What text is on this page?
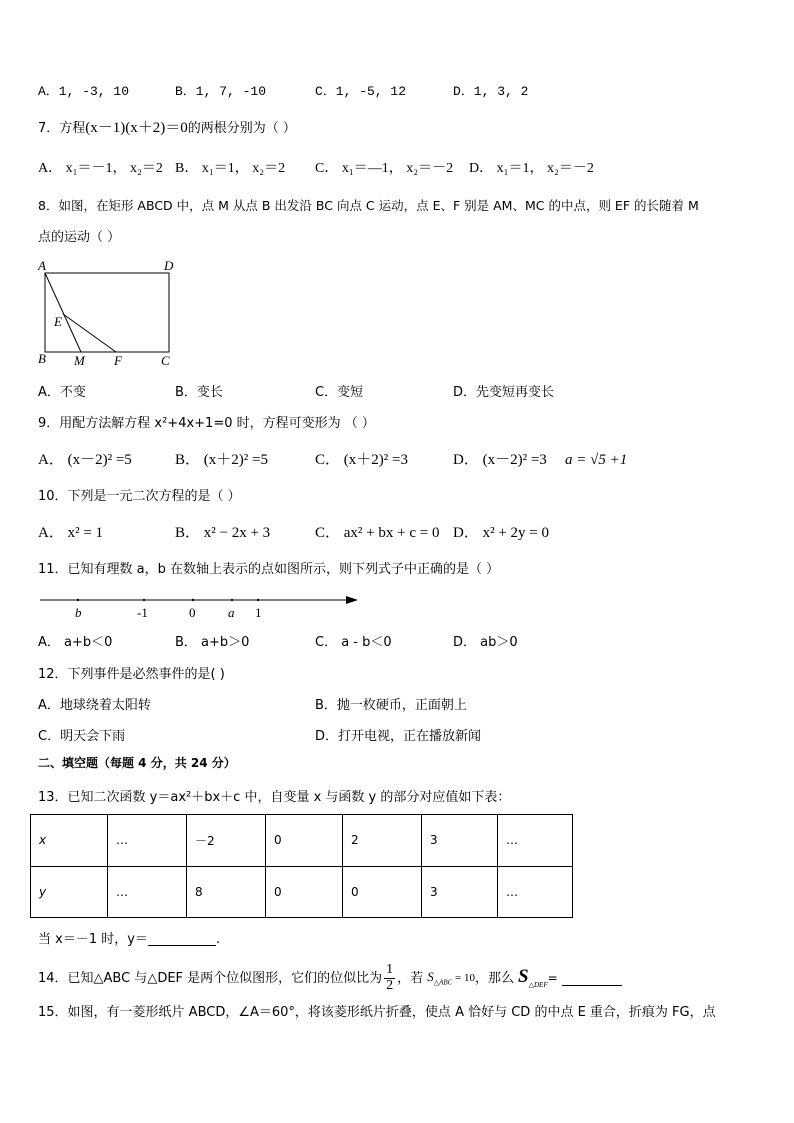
A．1, -3, 10	B．1, 7, -10	C．1, -5, 12	D．1, 3, 2
7．方程(x－1)(x＋2)＝0的两根分别为（ ）
A． x₁＝－1， x₂＝2 B． x₁＝1， x₂＝2 C． x₁＝—1， x₂＝－2 D． x₁＝1， x₂＝－2
8．如图，在矩形 ABCD 中，点 M 从点 B 出发沿 BC 向点 C 运动，点 E、F 别是 AM、MC 的中点，则 EF 的长随着 M
点的运动（ ）
A	D
E
B M F	C
A．不变	B．变长	C．变短	D．先变短再变长
9．用配方法解方程 x²+4x+1=0 时，方程可变形为 （ ）
A． (x－2)² =5	B． (x＋2)² =5	C． (x＋2)² =3	D． (x－2)² =3 a = √5 +1
10．下列是一元二次方程的是（ ）
A． x² = 1	B． x² − 2x + 3	C． ax² + bx + c = 0 D． x² + 2y = 0
11．已知有理数 a，b 在数轴上表示的点如图所示，则下列式子中正确的是（ ）
b	-1	0	a 1
A． a+b＜0	B． a+b＞0	C． a - b＜0	D． ab＞0
12．下列事件是必然事件的是( )
A．地球绕着太阳转	B．抛一枚硬币，正面朝上
C．明天会下雨	D．打开电视，正在播放新闻
二、填空题（每题 4 分，共 24 分）
13．已知二次函数 y＝ax²＋bx＋c 中，自变量 x 与函数 y 的部分对应值如下表：
x	…	－2	0	2	3	…
y	…	8	0	0	3	…
当 x＝－1 时，y＝	.
14．已知△ABC 与△DEF 是两个位似图形，它们的位似比为 $\frac{1}{2}$ ，若 $S_{\triangle ABC} = 10$ ，那么 $S_{\triangle DEF}$ =
15．如图，有一菱形纸片 ABCD，∠A＝60°，将该菱形纸片折叠，使点 A 恰好与 CD 的中点 E 重合，折痕为 FG，点
